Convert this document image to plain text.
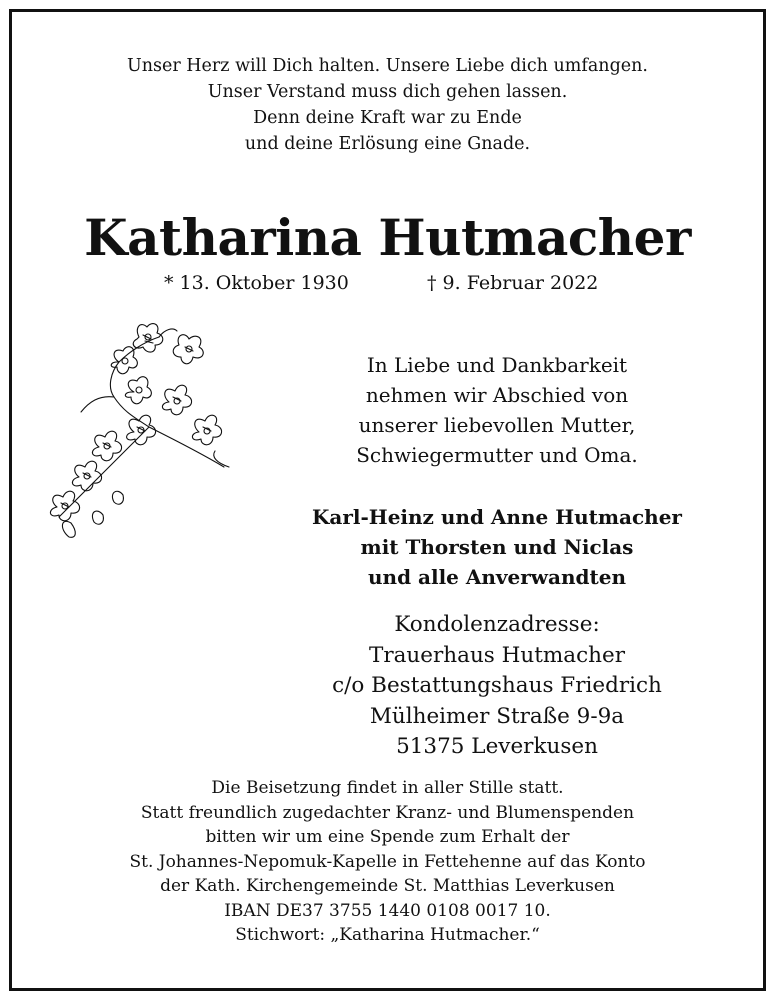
Unser Herz will Dich halten. Unsere Liebe dich umfangen.
Unser Verstand muss dich gehen lassen.
Denn deine Kraft war zu Ende
und deine Erlösung eine Gnade.
Katharina Hutmacher
* 13. Oktober 1930	† 9. Februar 2022
In Liebe und Dankbarkeit
nehmen wir Abschied von
unserer liebevollen Mutter,
Schwiegermutter und Oma.
Karl-Heinz und Anne Hutmacher
mit Thorsten und Niclas
und alle Anverwandten
Kondolenzadresse:
Trauerhaus Hutmacher
c/o Bestattungshaus Friedrich
Mülheimer Straße 9-9a
51375 Leverkusen
Die Beisetzung findet in aller Stille statt.
Statt freundlich zugedachter Kranz- und Blumenspenden
bitten wir um eine Spende zum Erhalt der
St. Johannes-Nepomuk-Kapelle in Fettehenne auf das Konto
der Kath. Kirchengemeinde St. Matthias Leverkusen
IBAN DE37 3755 1440 0108 0017 10.
Stichwort: „Katharina Hutmacher.“
